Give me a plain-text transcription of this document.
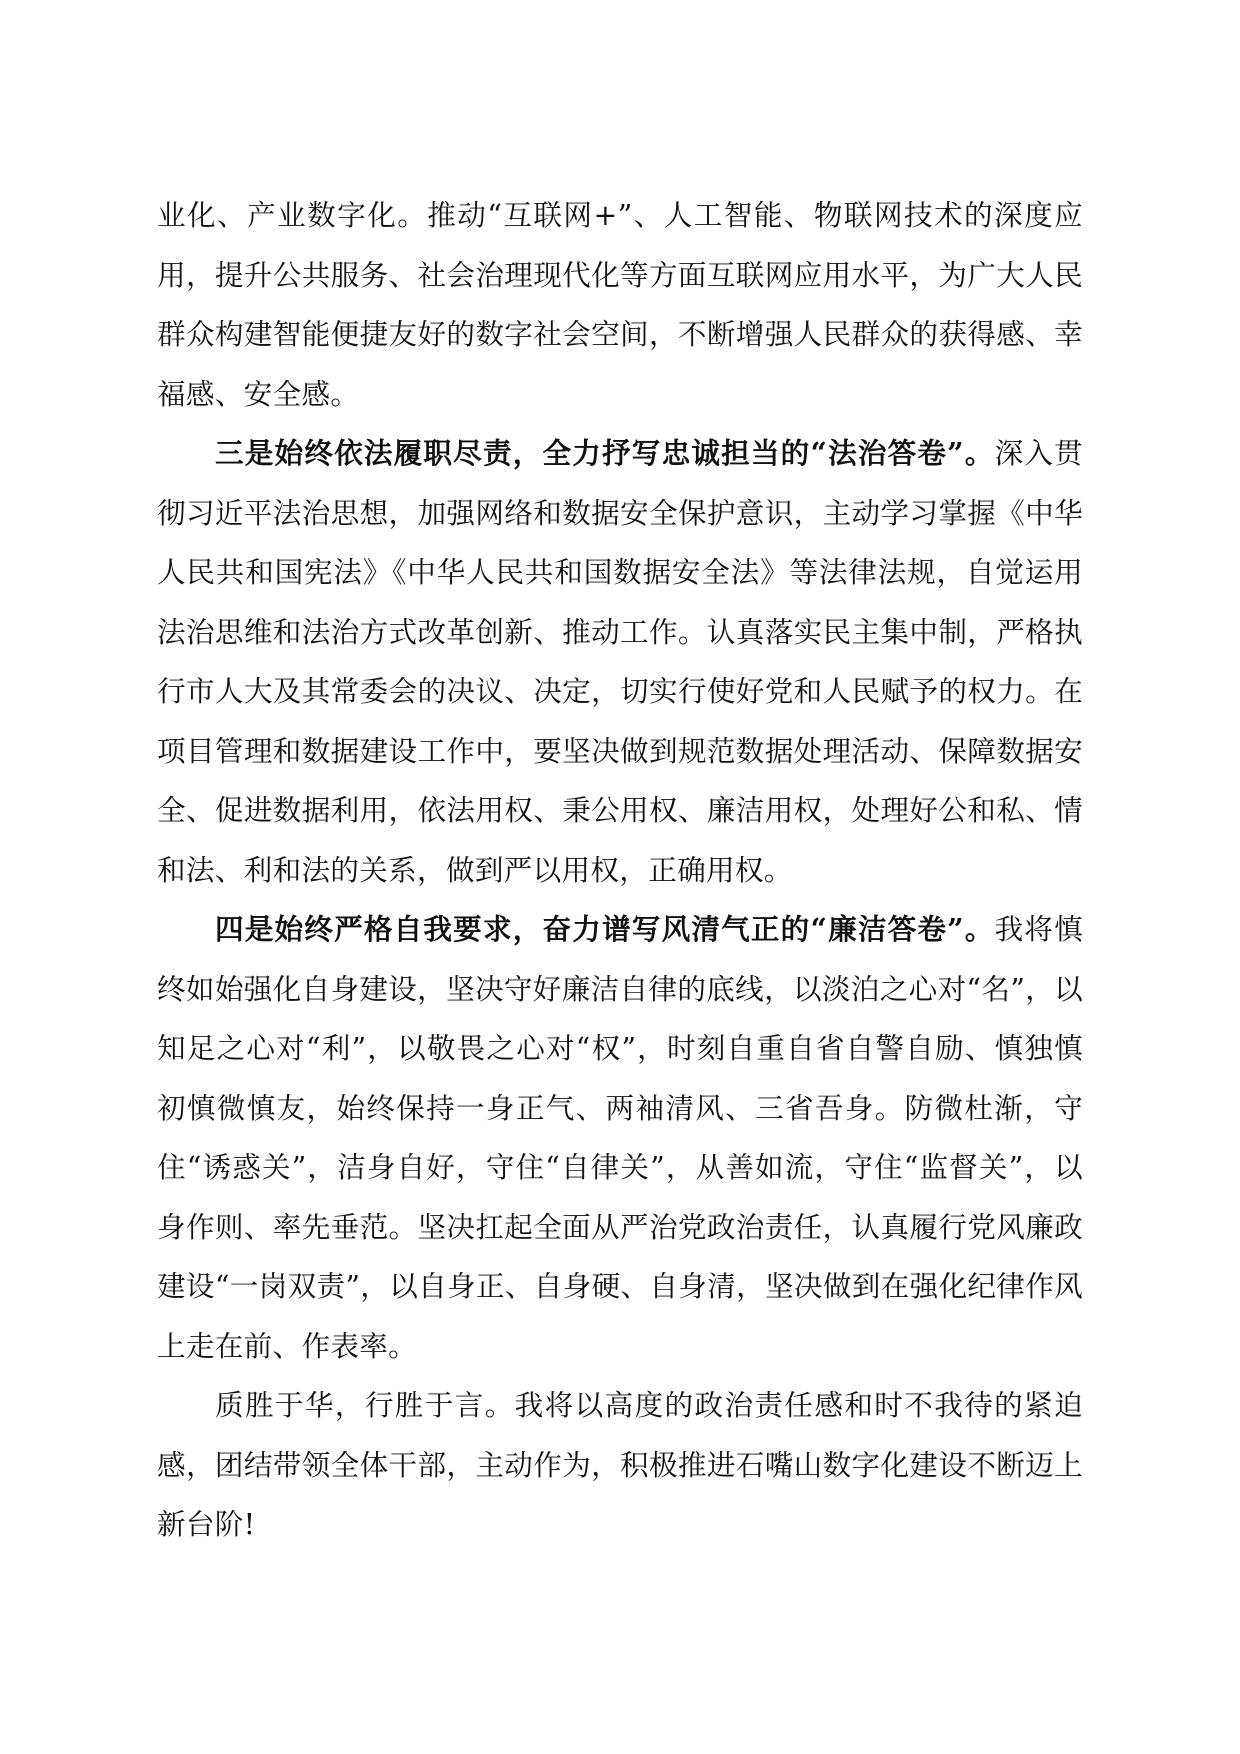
业化、产业数字化。推动“互联网+”、人工智能、物联网技术的深度应用，提升公共服务、社会治理现代化等方面互联网应用水平，为广大人民群众构建智能便捷友好的数字社会空间，不断增强人民群众的获得感、幸福感、安全感。

三是始终依法履职尽责，全力抒写忠诚担当的“法治答卷”。深入贯彻习近平法治思想，加强网络和数据安全保护意识，主动学习掌握《中华人民共和国宪法》《中华人民共和国数据安全法》等法律法规，自觉运用法治思维和法治方式改革创新、推动工作。认真落实民主集中制，严格执行市人大及其常委会的决议、决定，切实行使好党和人民赋予的权力。在项目管理和数据建设工作中，要坚决做到规范数据处理活动、保障数据安全、促进数据利用，依法用权、秉公用权、廉洁用权，处理好公和私、情和法、利和法的关系，做到严以用权，正确用权。

四是始终严格自我要求，奋力谱写风清气正的“廉洁答卷”。我将慎终如始强化自身建设，坚决守好廉洁自律的底线，以淡泊之心对“名”，以知足之心对“利”，以敬畏之心对“权”，时刻自重自省自警自励、慎独慎初慎微慎友，始终保持一身正气、两袖清风、三省吾身。防微杜渐，守住“诱惑关”，洁身自好，守住“自律关”，从善如流，守住“监督关”，以身作则、率先垂范。坚决扛起全面从严治党政治责任，认真履行党风廉政建设“一岗双责”，以自身正、自身硬、自身清，坚决做到在强化纪律作风上走在前、作表率。

质胜于华，行胜于言。我将以高度的政治责任感和时不我待的紧迫感，团结带领全体干部，主动作为，积极推进石嘴山数字化建设不断迈上新台阶!
